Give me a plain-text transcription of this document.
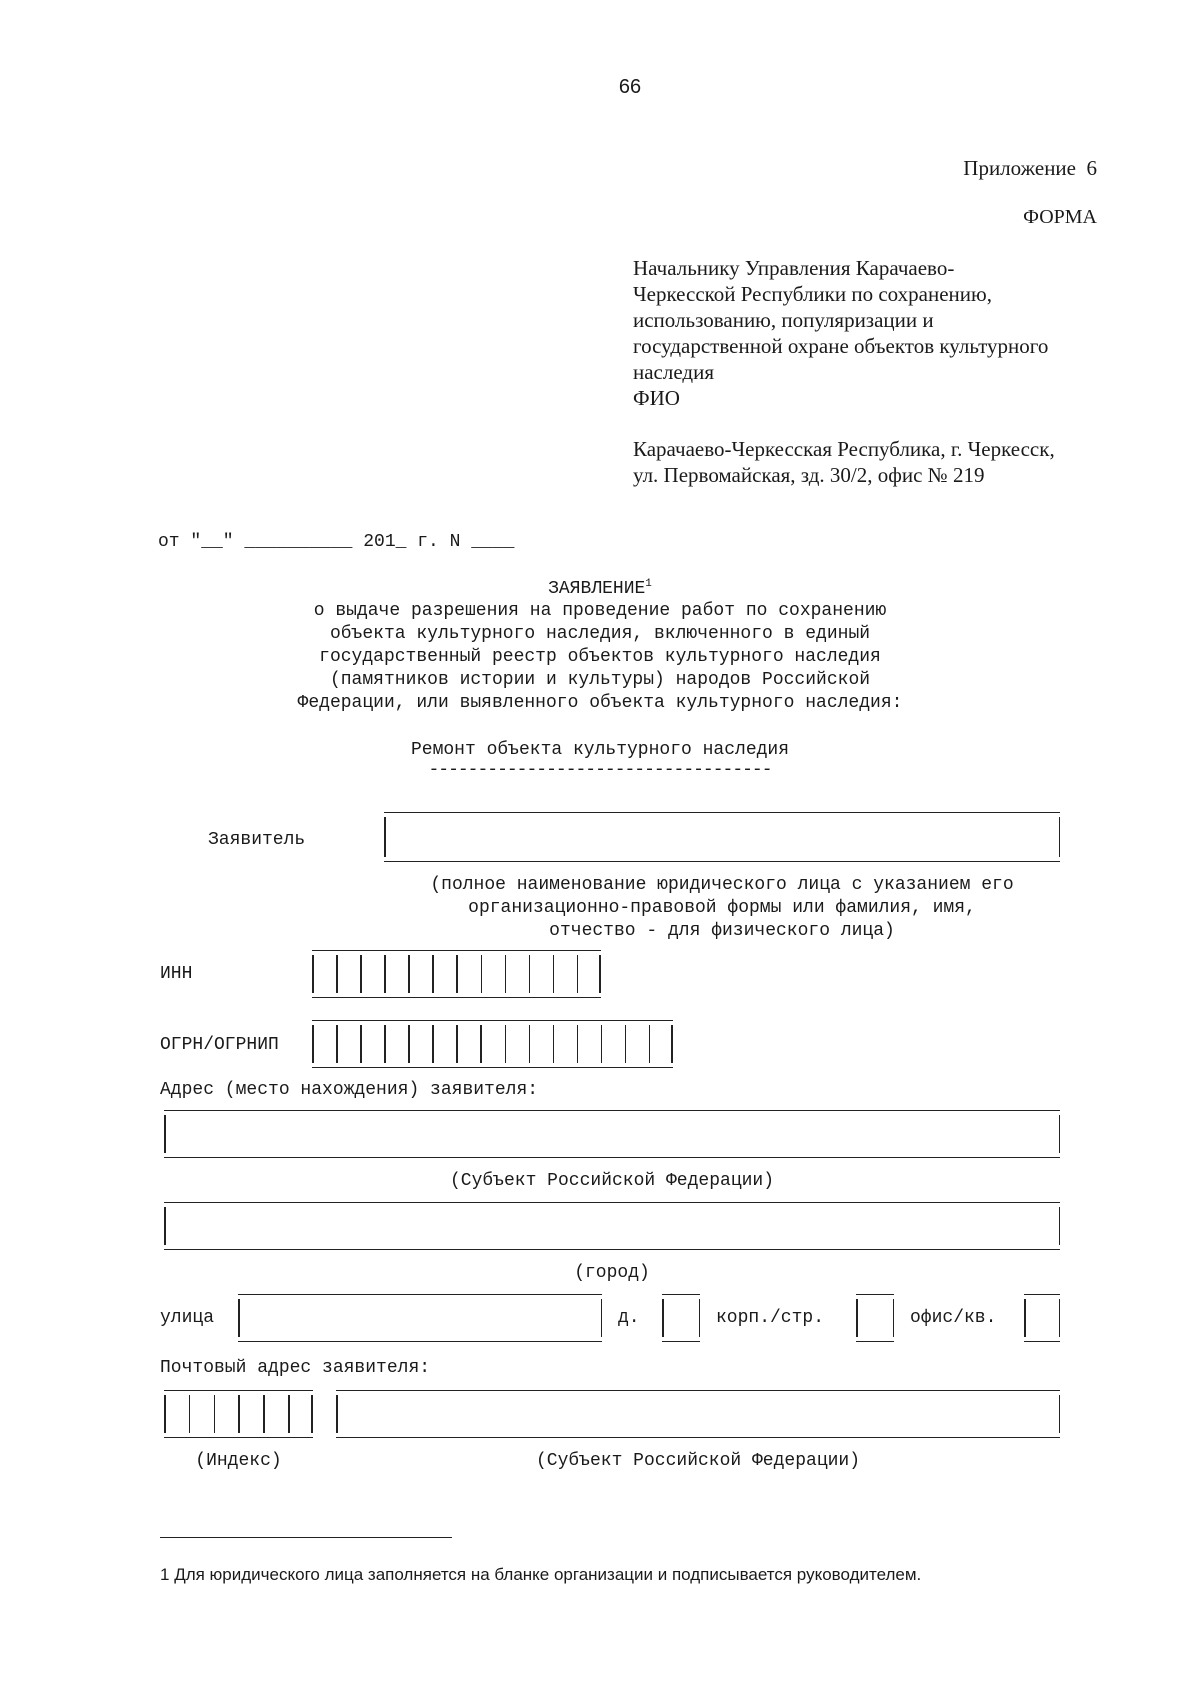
66
Приложение  6
ФОРМА
Начальнику Управления Карачаево-
Черкесской Республики по сохранению,
использованию, популяризации и
государственной охране объектов культурного
наследия
ФИО
Карачаево-Черкесская Республика, г. Черкесск,
ул. Первомайская, зд. 30/2, офис № 219
от "__" __________ 201_ г. N ____
ЗАЯВЛЕНИЕ$^1$
о выдаче разрешения на проведение работ по сохранению
объекта культурного наследия, включенного в единый
государственный реестр объектов культурного наследия
(памятников истории и культуры) народов Российской
Федерации, или выявленного объекта культурного наследия:
Ремонт объекта культурного наследия
-----------------------------------
Заявитель
(полное наименование юридического лица с указанием его
организационно-правовой формы или фамилия, имя,
отчество - для физического лица)
ИНН
ОГРН/ОГРНИП
Адрес (место нахождения) заявителя:
(Субъект Российской Федерации)
(город)
улица	д.	корп./стр.	офис/кв.
Почтовый адрес заявителя:
(Индекс)	(Субъект Российской Федерации)
1 Для юридического лица заполняется на бланке организации и подписывается руководителем.
